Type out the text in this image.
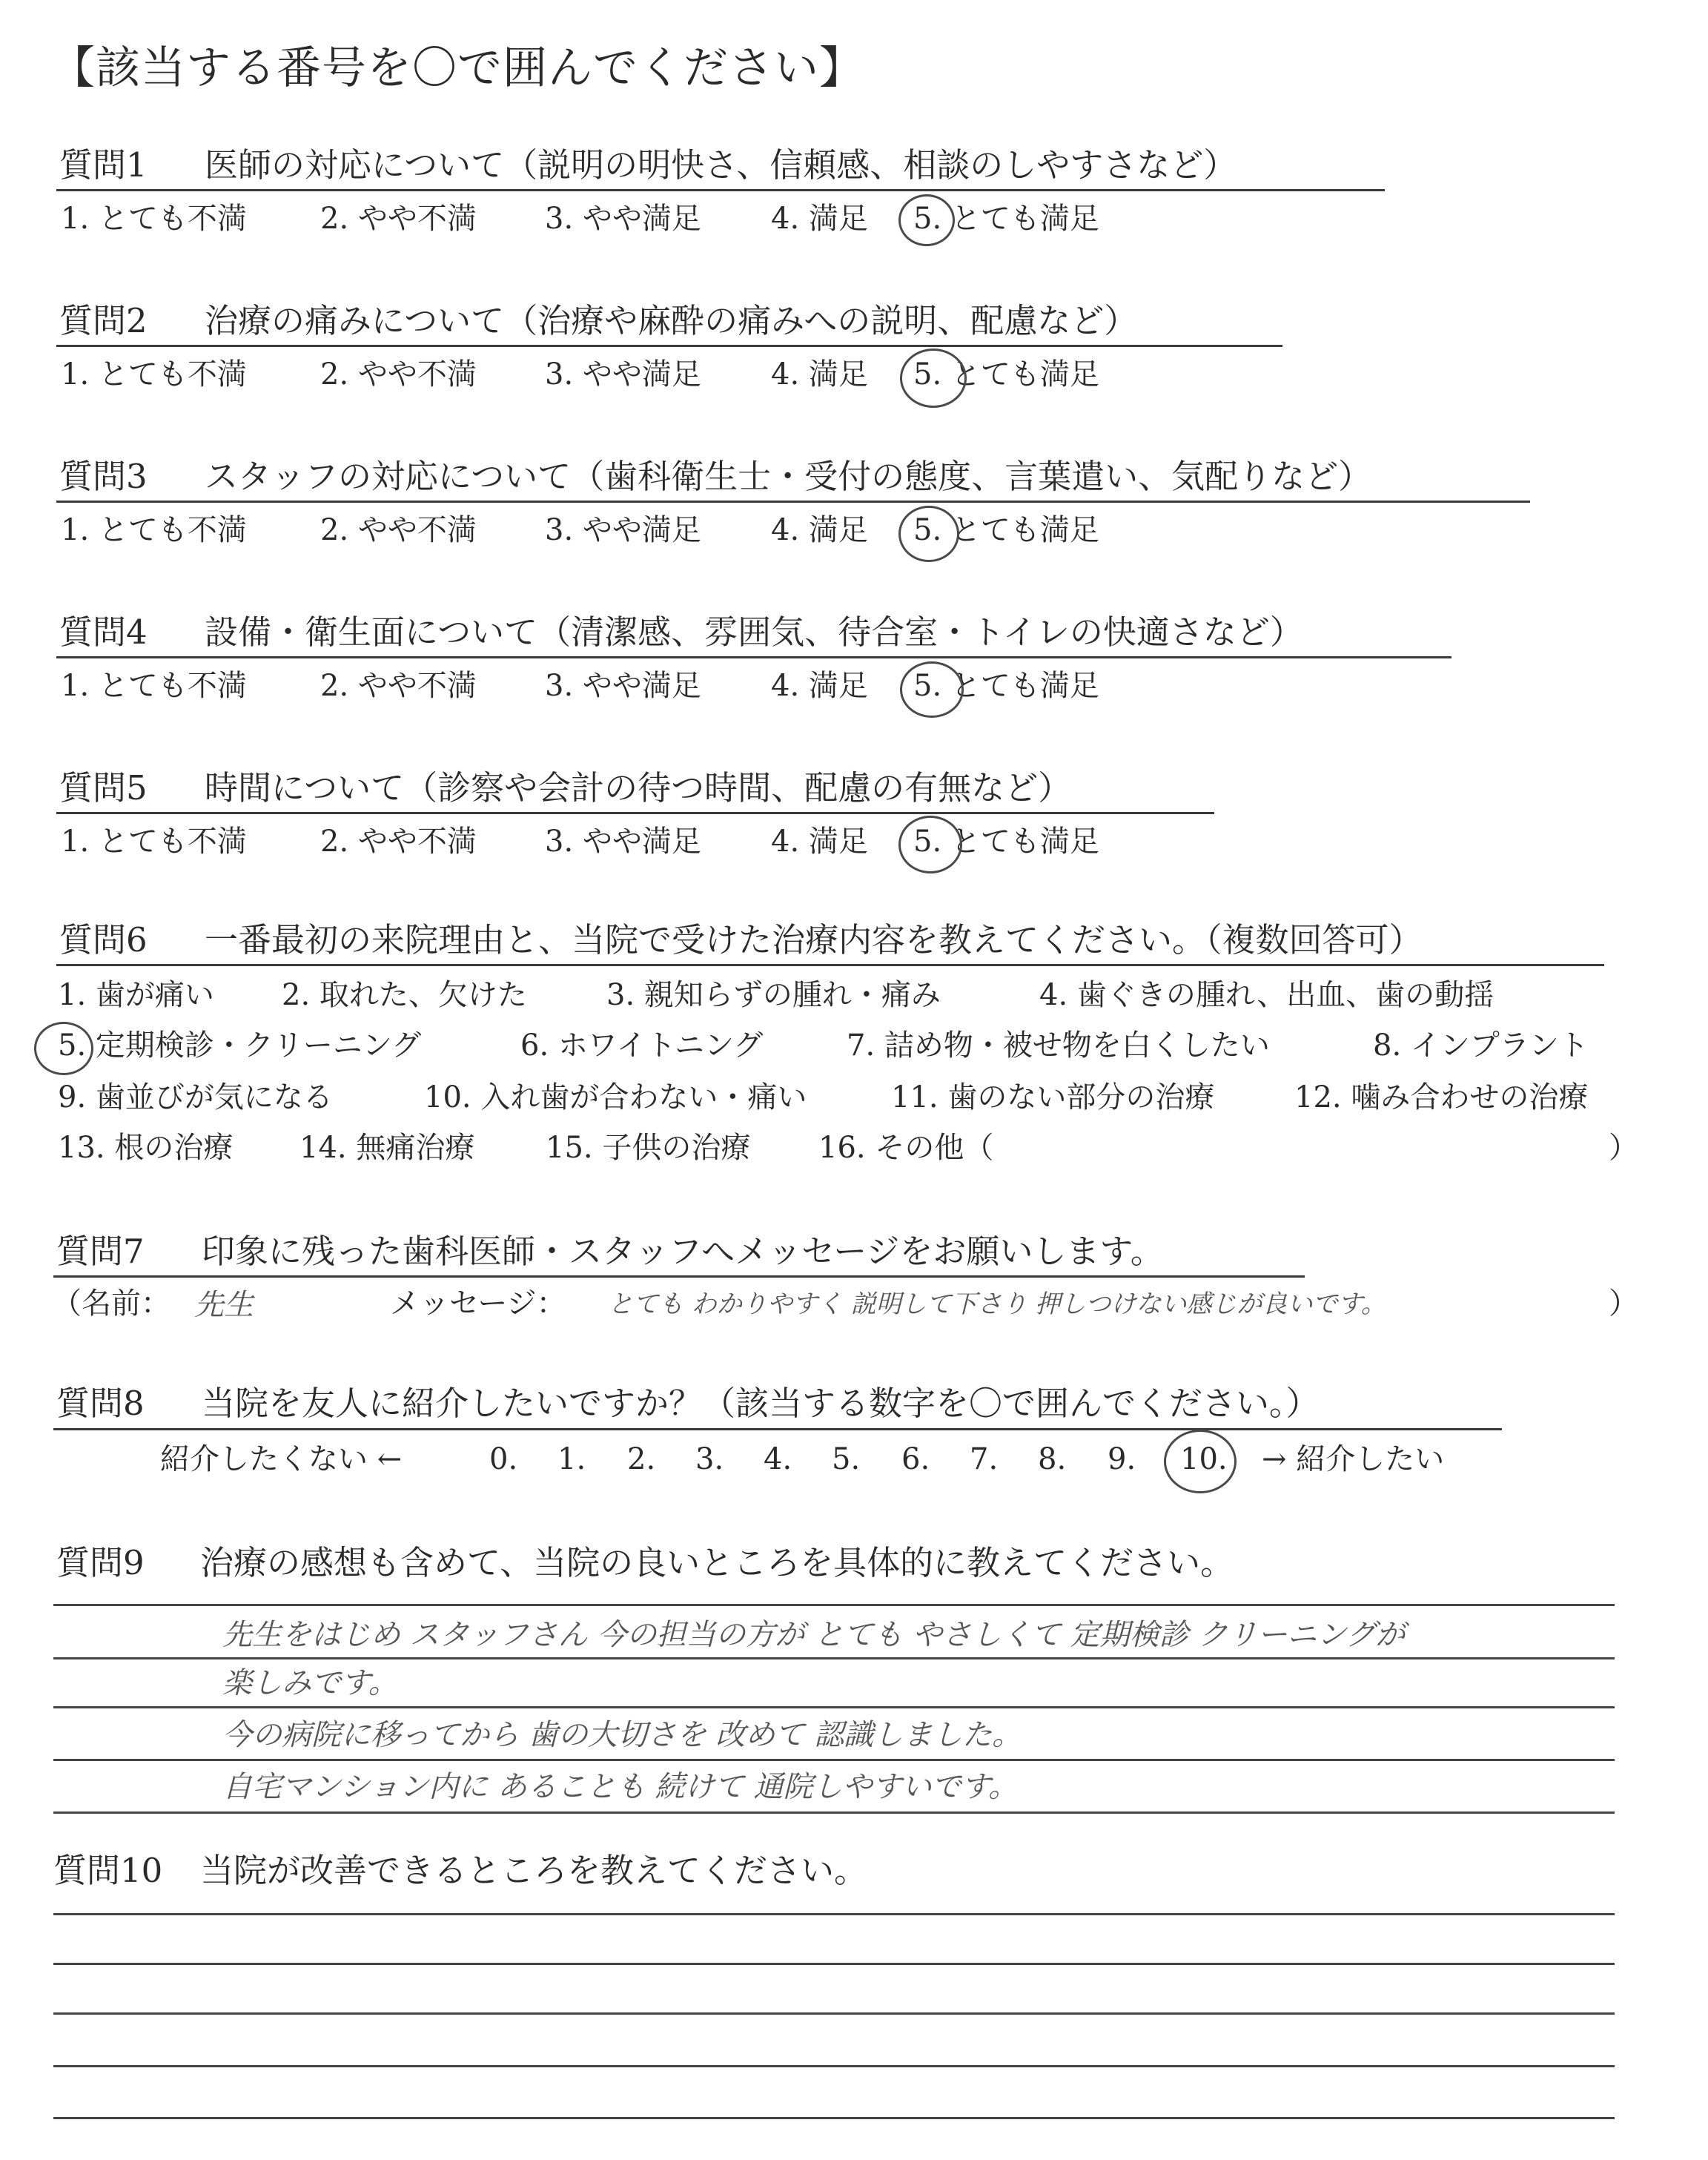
【該当する番号を〇で囲んでください】
質問1 医師の対応について（説明の明快さ、信頼感、相談のしやすさなど）
1. とても不満 2. やや不満 3. やや満足 4. 満足 5. とても満足
質問2 治療の痛みについて（治療や麻酔の痛みへの説明、配慮など）
1. とても不満 2. やや不満 3. やや満足 4. 満足 5. とても満足
質問3 スタッフの対応について（歯科衛生士・受付の態度、言葉遣い、気配りなど）
1. とても不満 2. やや不満 3. やや満足 4. 満足 5. とても満足
質問4 設備・衛生面について（清潔感、雰囲気、待合室・トイレの快適さなど）
1. とても不満 2. やや不満 3. やや満足 4. 満足 5. とても満足
質問5 時間について（診察や会計の待つ時間、配慮の有無など）
1. とても不満 2. やや不満 3. やや満足 4. 満足 5. とても満足
質問6 一番最初の来院理由と、当院で受けた治療内容を教えてください。（複数回答可）
1. 歯が痛い 2. 取れた、欠けた	3. 親知らずの腫れ・痛み	4. 歯ぐきの腫れ、出血、歯の動揺
5. 定期検診・クリーニング	6. ホワイトニング	7. 詰め物・被せ物を白くしたい	8. インプラント
9. 歯並びが気になる	10. 入れ歯が合わない・痛い	11. 歯のない部分の治療	12. 噛み合わせの治療
13. 根の治療 14. 無痛治療 15. 子供の治療 16. その他（	）
質問7 印象に残った歯科医師・スタッフへメッセージをお願いします。
（名前： 先生	メッセージ： とても わかりやすく 説明して下さり 押しつけない感じが良いです。	）
質問8 当院を友人に紹介したいですか？（該当する数字を〇で囲んでください。）
紹介したくない ←	0. 1. 2. 3. 4. 5. 6. 7. 8. 9. 10. → 紹介したい
質問9 治療の感想も含めて、当院の良いところを具体的に教えてください。
先生をはじめ スタッフさん 今の担当の方が とても やさしくて 定期検診 クリーニングが
楽しみです。
今の病院に移ってから 歯の大切さを 改めて 認識しました。
自宅マンション内に あることも 続けて 通院しやすいです。
質問10 当院が改善できるところを教えてください。
